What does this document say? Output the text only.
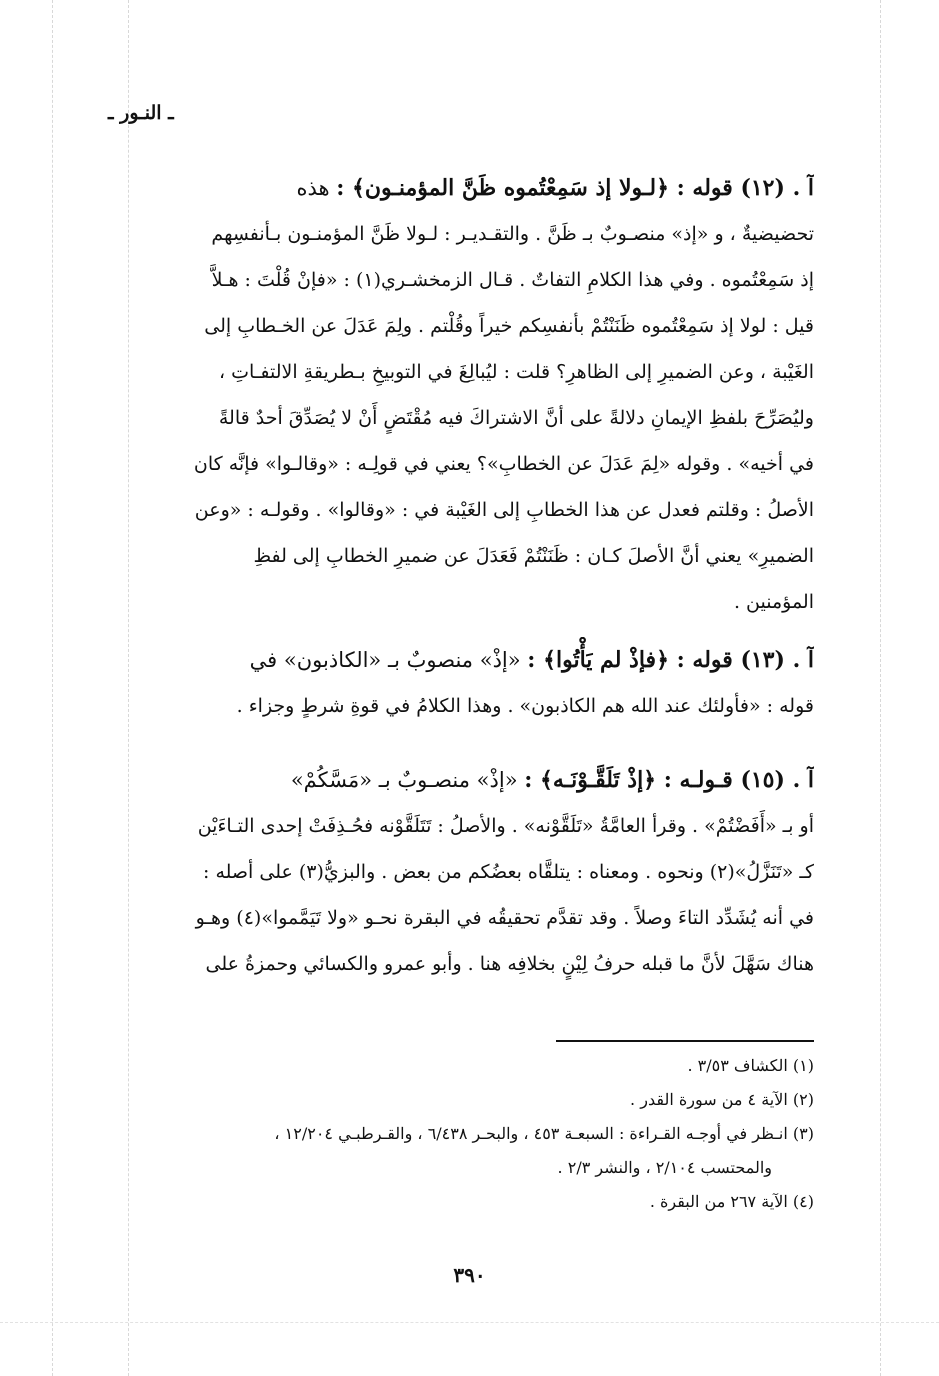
ـ النـور ـ
آ . (١٢) قوله : ﴿لـولا إذ سَمِعْتُموه ظَنَّ المؤمنـون﴾ : هذه
تحضيضيةٌ ، و «إذ» منصـوبٌ بـ ظَنَّ . والتقـديـر : لـولا ظَنَّ المؤمنـون بـأنفسِهم
إذ سَمِعْتُموه . وفي هذا الكلامِ التفاتٌ . قـال الزمخشـري(١) : «فإنْ قُلْتَ : هـلاَّ
قيل : لولا إذ سَمِعْتُموه ظَنَنْتُمْ بأنفسِكم خيراً وقُلْتم . ولِمَ عَدَلَ عن الخـطابِ إلى
الغَيْبة ، وعن الضميرِ إلى الظاهرِ؟ قلت : ليُبالِغَ في التوبيخِ بـطريقةِ الالتفـاتِ ،
وليُصَرِّحَ بلفظِ الإيمانِ دلالةً على أنَّ الاشتراكَ فيه مُقْتَضٍ أَنْ لا يُصَدِّقَ أحدٌ قالةً
في أخيه» . وقوله «لِمَ عَدَلَ عن الخطابِ»؟ يعني في قولِـه : «وقالـوا» فإنَّه كان
الأصلُ : وقلتم فعدل عن هذا الخطابِ إلى الغَيْبة في : «وقالوا» . وقولـه : «وعن
الضميرِ» يعني أنَّ الأصلَ كـان : ظَنَنْتُمْ فَعَدَلَ عن ضميرِ الخطابِ إلى لفظِ
المؤمنين .
آ . (١٣) قوله : ﴿فإذْ لم يَأْتُوا﴾ : «إذْ» منصوبٌ بـ «الكاذبون» في
قوله : «فأولئك عند الله هم الكاذبون» . وهذا الكلامُ في قوةِ شرطٍ وجزاء .
آ . (١٥) قـولـه : ﴿إذْ تَلَقَّـوْنَـه﴾ : «إذْ» منصـوبٌ بـ «مَسَّكُمْ»
أو بـ «أَفَضْتُمْ» . وقرأ العامَّةُ «تَلَقَّوْنه» . والأصلُ : تَتَلَقَّوْنه فحُـذِفَتْ إحدى التـاءَيْن
كـ «تَنَزَّلُ»(٢) ونحوه . ومعناه : يتلقَّاه بعضُكم من بعض . والبزيُّ(٣) على أصله :
في أنه يُشَدِّد التاءَ وصلاً . وقد تقدَّم تحقيقُه في البقرة نحـو «ولا تَيَمَّموا»(٤) وهـو
هناك سَهَّلَ لأنَّ ما قبله حرفُ لِيْنٍ بخلافِه هنا . وأبو عمرو والكسائي وحمزةُ على
(١) الكشاف ٣/٥٣ .
(٢) الآية ٤ من سورة القدر .
(٣) انـظر في أوجـه القـراءة : السبعـة ٤٥٣ ، والبحـر ٦/٤٣٨ ، والقـرطبـي ١٢/٢٠٤ ،
والمحتسب ٢/١٠٤ ، والنشر ٢/٣ .
(٤) الآية ٢٦٧ من البقرة .
٣٩٠
